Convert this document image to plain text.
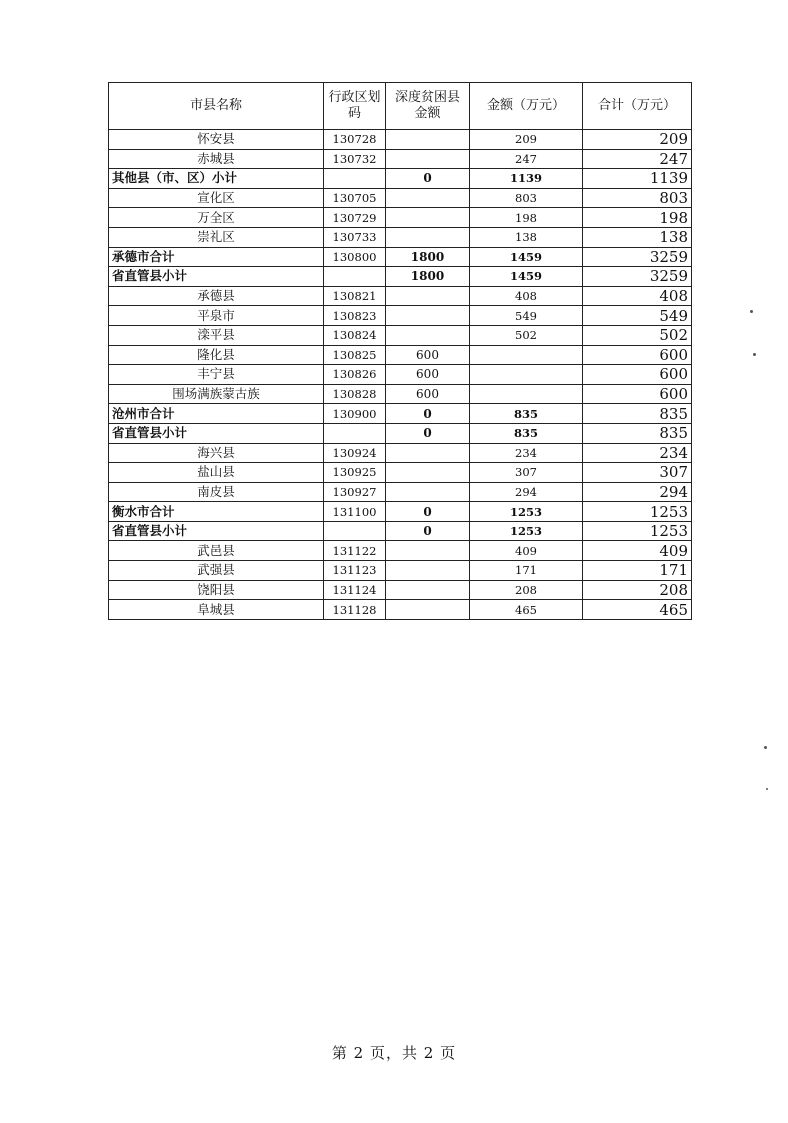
市县名称	行政区划码	深度贫困县金额	金额（万元）	合计（万元）
怀安县	130728		209	209
赤城县	130732		247	247
其他县（市、区）小计		0	1139	1139
宣化区	130705		803	803
万全区	130729		198	198
崇礼区	130733		138	138
承德市合计	130800	1800	1459	3259
省直管县小计		1800	1459	3259
承德县	130821		408	408
平泉市	130823		549	549
滦平县	130824		502	502
隆化县	130825	600		600
丰宁县	130826	600		600
围场满族蒙古族	130828	600		600
沧州市合计	130900	0	835	835
省直管县小计		0	835	835
海兴县	130924		234	234
盐山县	130925		307	307
南皮县	130927		294	294
衡水市合计	131100	0	1253	1253
省直管县小计		0	1253	1253
武邑县	131122		409	409
武强县	131123		171	171
饶阳县	131124		208	208
阜城县	131128		465	465
第 2 页，共 2 页
